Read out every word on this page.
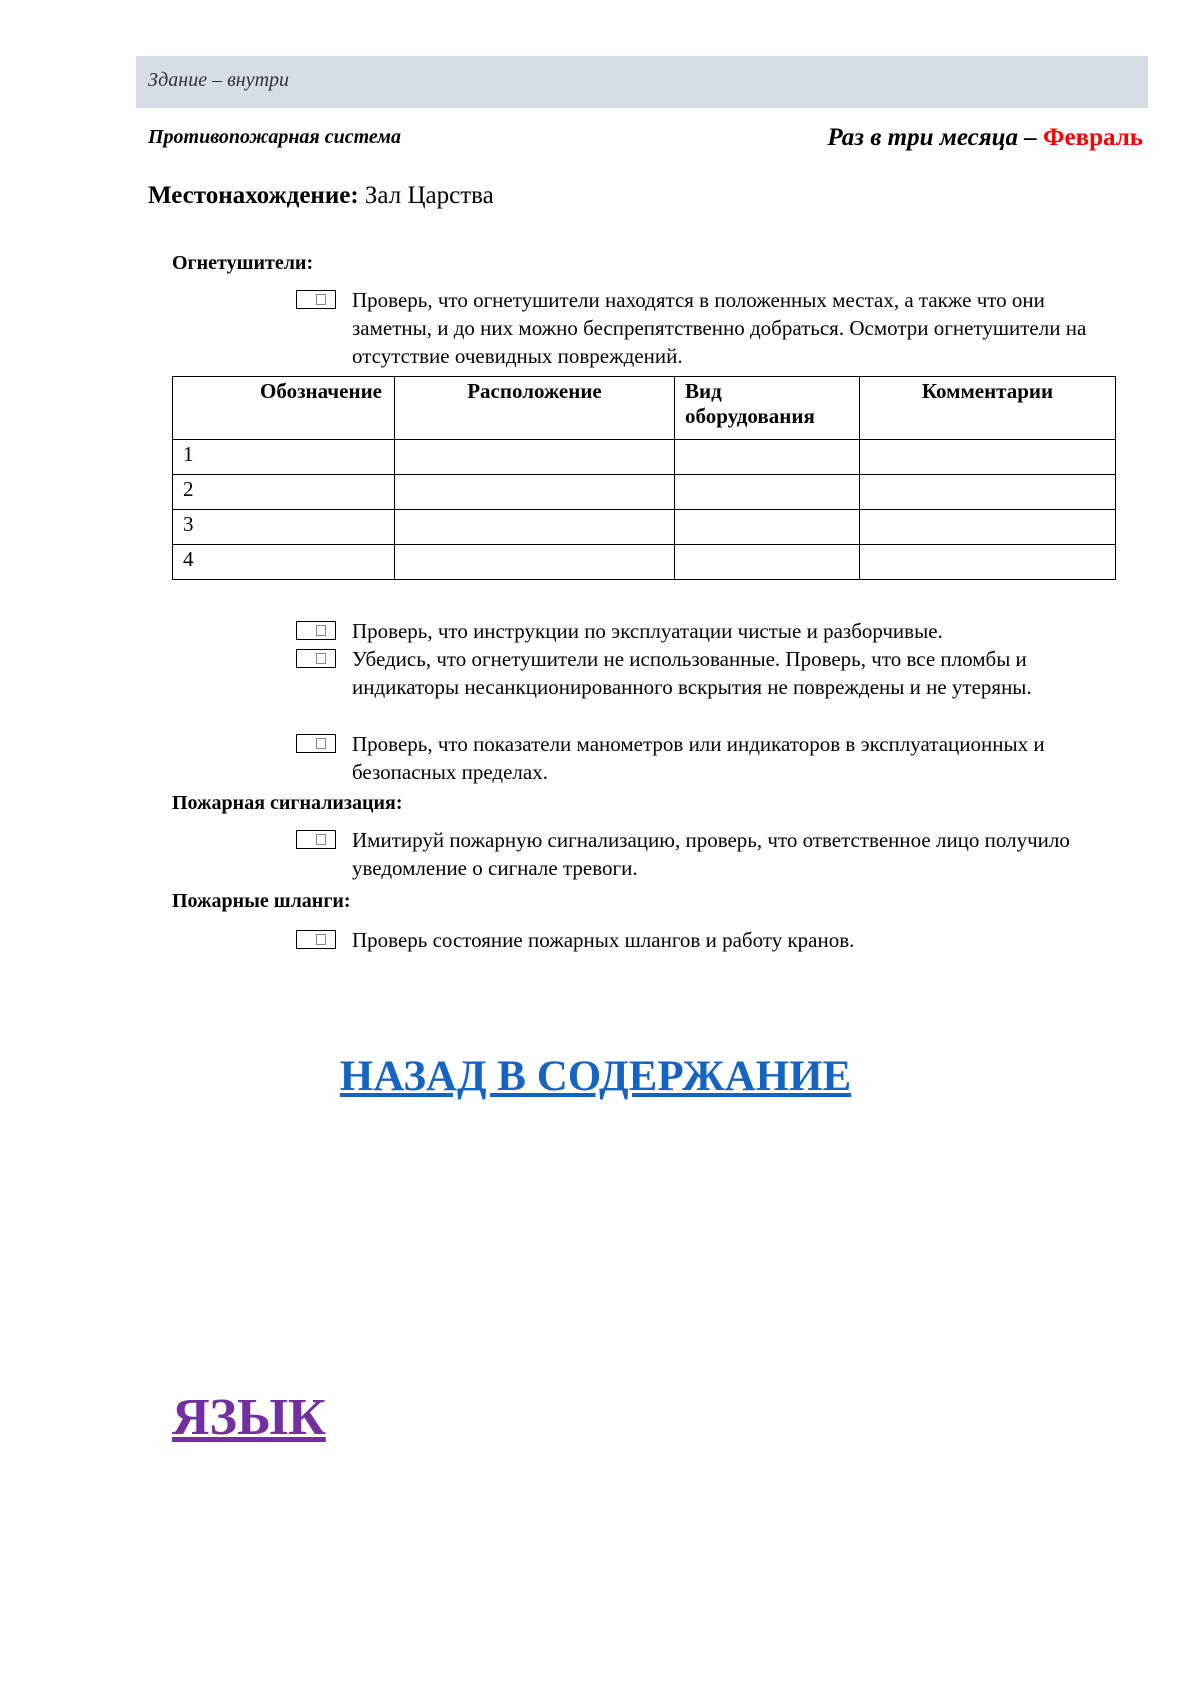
Здание – внутри
Противопожарная система	Раз в три месяца – Февраль
Местонахождение: Зал Царства
Огнетушители:
Проверь, что огнетушители находятся в положенных местах, а также что они заметны, и до них можно беспрепятственно добраться. Осмотри огнетушители на отсутствие очевидных повреждений.
Обозначение	Расположение	Вид оборудования	Комментарии
1			
2			
3			
4			
Проверь, что инструкции по эксплуатации чистые и разборчивые.
Убедись, что огнетушители не использованные. Проверь, что все пломбы и индикаторы несанкционированного вскрытия не повреждены и не утеряны.
Проверь, что показатели манометров или индикаторов в эксплуатационных и безопасных пределах.
Пожарная сигнализация:
Имитируй пожарную сигнализацию, проверь, что ответственное лицо получило уведомление о сигнале тревоги.
Пожарные шланги:
Проверь состояние пожарных шлангов и работу кранов.
НАЗАД В СОДЕРЖАНИЕ
ЯЗЫК
